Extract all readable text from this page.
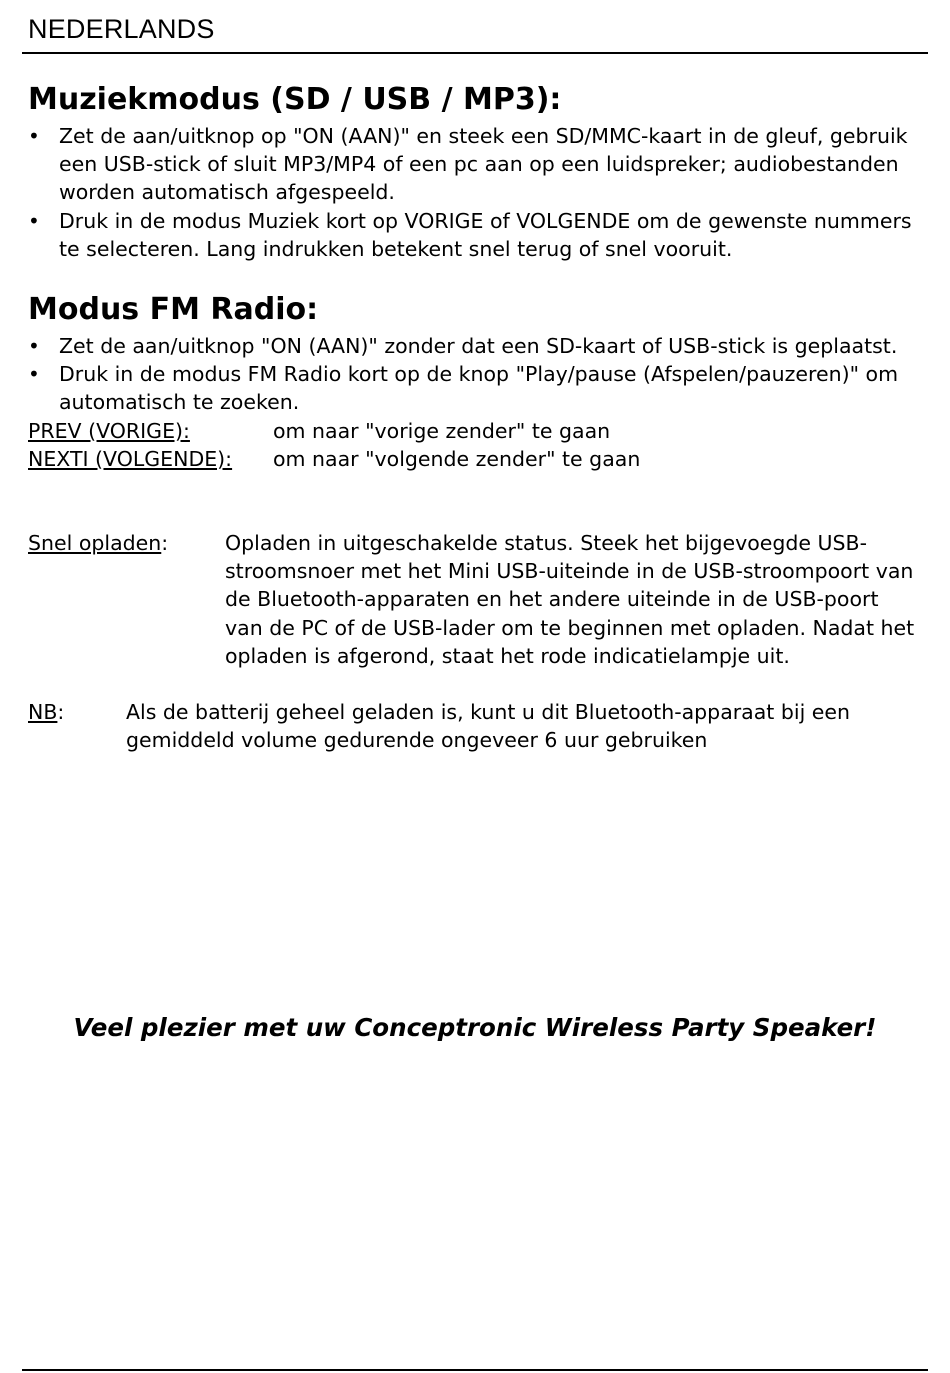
NEDERLANDS
Muziekmodus (SD / USB / MP3):
• Zet de aan/uitknop op "ON (AAN)" en steek een SD/MMC-kaart in de gleuf, gebruik een USB-stick of sluit MP3/MP4 of een pc aan op een luidspreker; audiobestanden worden automatisch afgespeeld.
• Druk in de modus Muziek kort op VORIGE of VOLGENDE om de gewenste nummers te selecteren. Lang indrukken betekent snel terug of snel vooruit.
Modus FM Radio:
• Zet de aan/uitknop "ON (AAN)" zonder dat een SD-kaart of USB-stick is geplaatst.
• Druk in de modus FM Radio kort op de knop "Play/pause (Afspelen/pauzeren)" om automatisch te zoeken.
PREV (VORIGE):	om naar "vorige zender" te gaan
NEXTI (VOLGENDE):	om naar "volgende zender" te gaan
Snel opladen:	Opladen in uitgeschakelde status. Steek het bijgevoegde USB-stroomsnoer met het Mini USB-uiteinde in de USB-stroompoort van de Bluetooth-apparaten en het andere uiteinde in de USB-poort van de PC of de USB-lader om te beginnen met opladen. Nadat het opladen is afgerond, staat het rode indicatielampje uit.
NB:	Als de batterij geheel geladen is, kunt u dit Bluetooth-apparaat bij een gemiddeld volume gedurende ongeveer 6 uur gebruiken
Veel plezier met uw Conceptronic Wireless Party Speaker!
